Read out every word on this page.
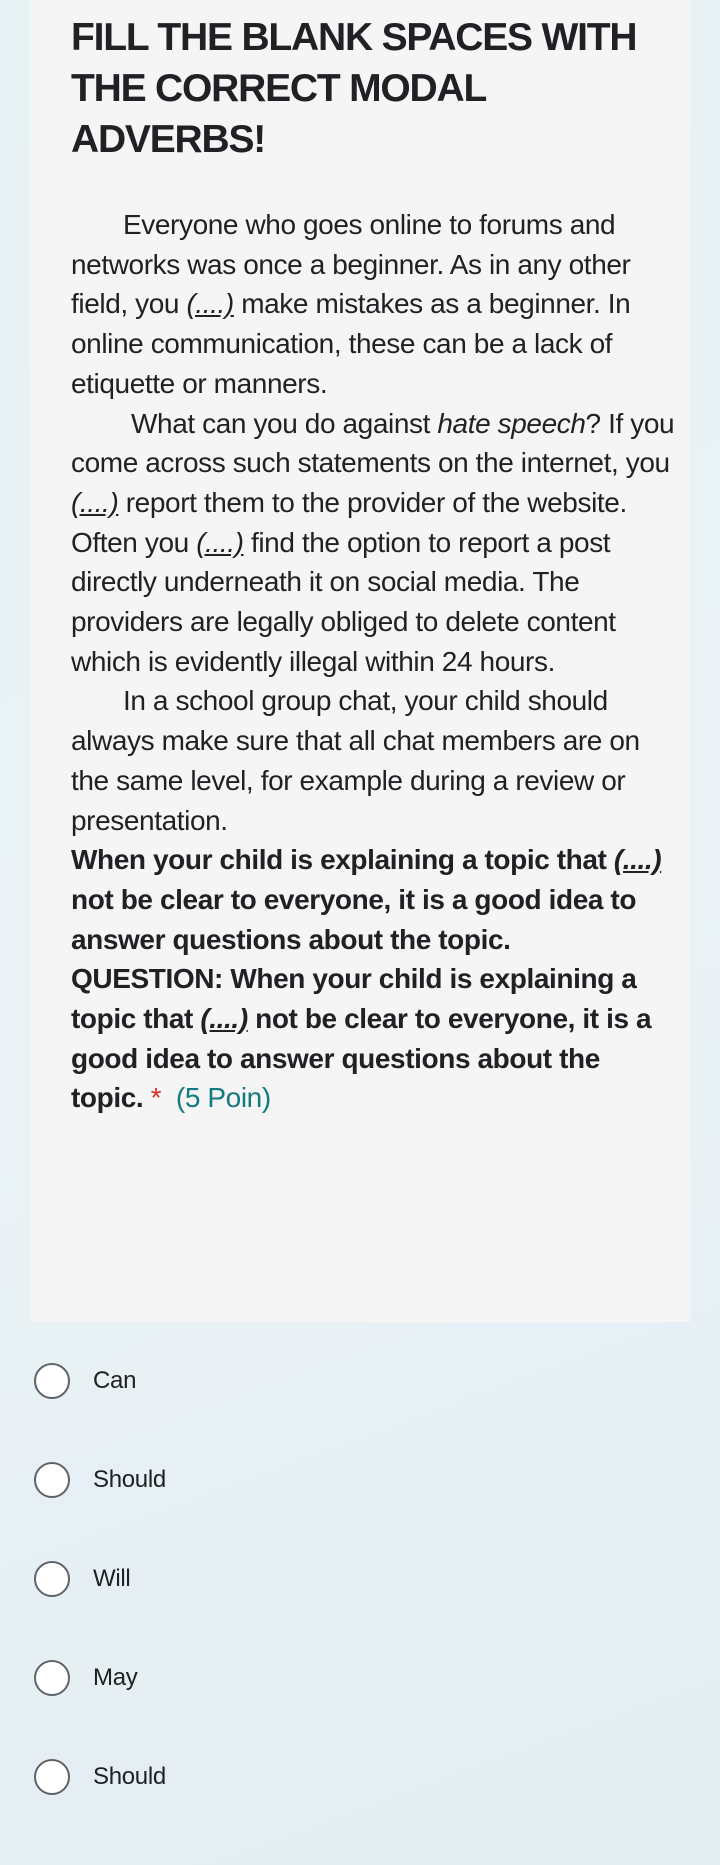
FILL THE BLANK SPACES WITH THE CORRECT MODAL ADVERBS!

Everyone who goes online to forums and networks was once a beginner. As in any other field, you (....) make mistakes as a beginner. In online communication, these can be a lack of etiquette or manners.

What can you do against hate speech? If you come across such statements on the internet, you (....) report them to the provider of the website. Often you (....) find the option to report a post directly underneath it on social media. The providers are legally obliged to delete content which is evidently illegal within 24 hours.

In a school group chat, your child should always make sure that all chat members are on the same level, for example during a review or presentation.

When your child is explaining a topic that (....) not be clear to everyone, it is a good idea to answer questions about the topic.

QUESTION: When your child is explaining a topic that (....) not be clear to everyone, it is a good idea to answer questions about the topic. * (5 Poin)

Can
Should
Will
May
Should
